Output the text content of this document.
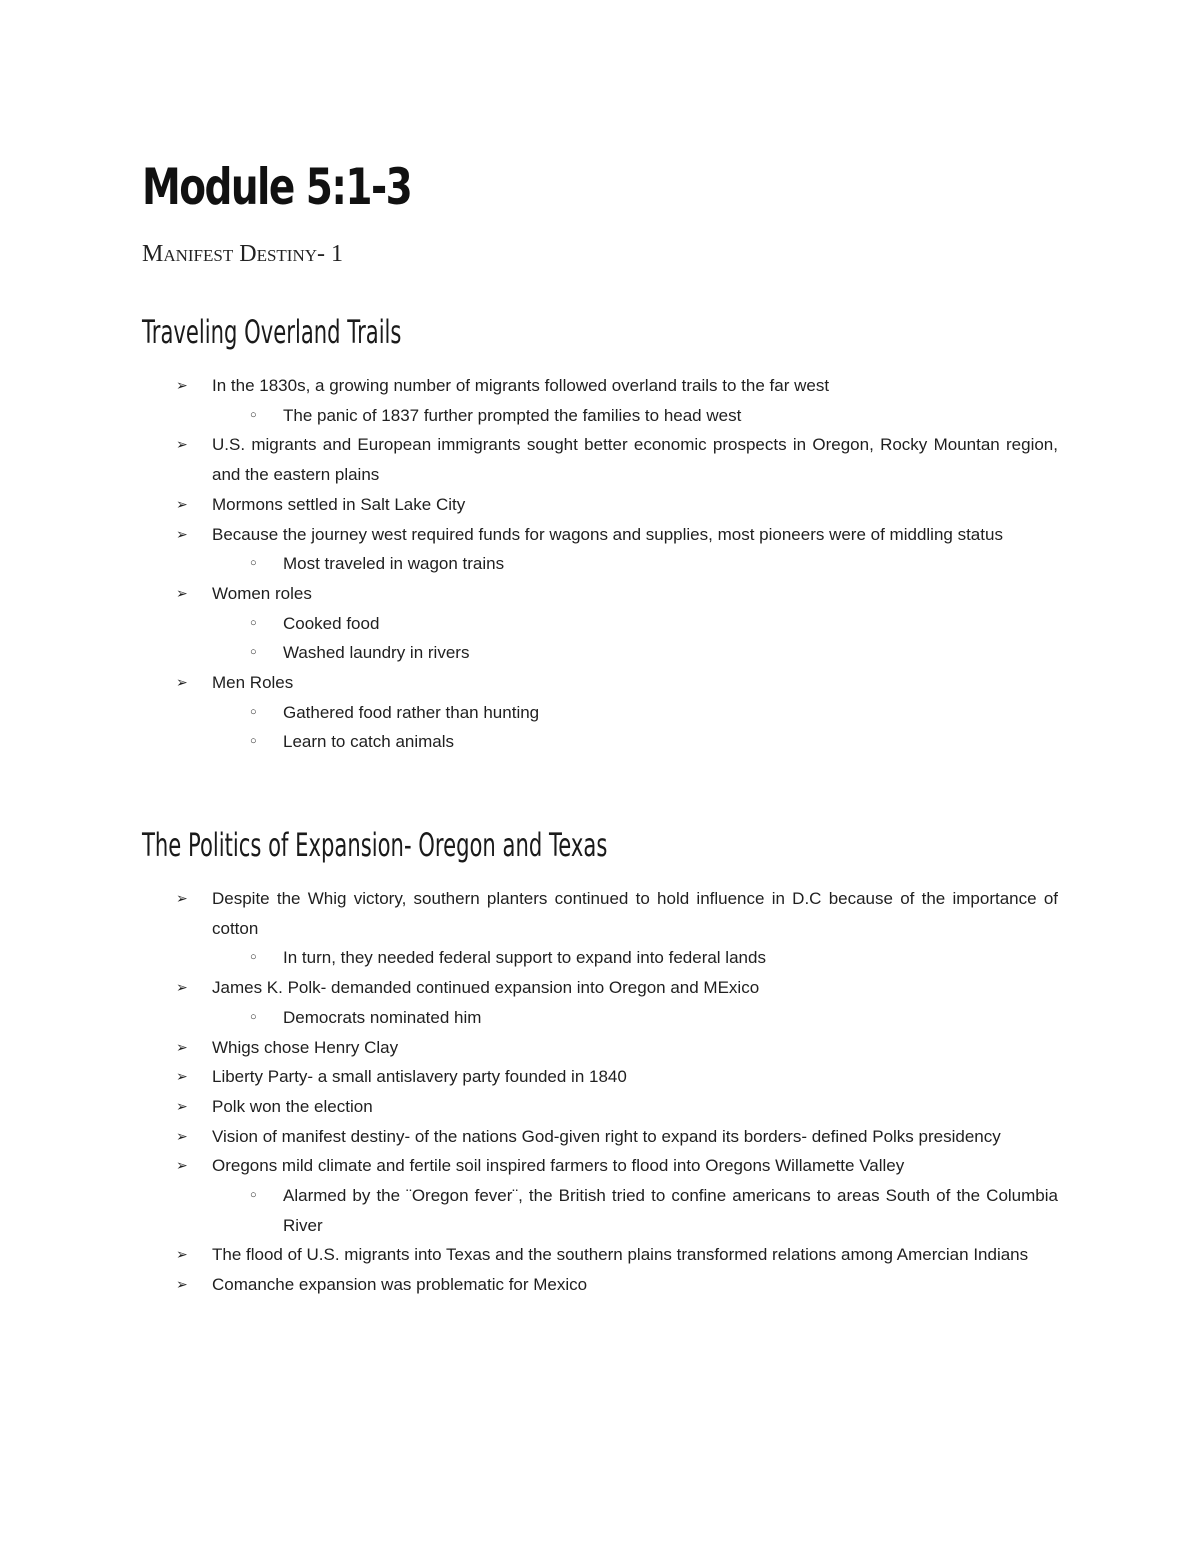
Module 5:1-3
Manifest Destiny- 1
Traveling Overland Trails
➢ In the 1830s, a growing number of migrants followed overland trails to the far west
○ The panic of 1837 further prompted the families to head west
➢ U.S. migrants and European immigrants sought better economic prospects in Oregon, Rocky Mountan region, and the eastern plains
➢ Mormons settled in Salt Lake City
➢ Because the journey west required funds for wagons and supplies, most pioneers were of middling status
○ Most traveled in wagon trains
➢ Women roles
○ Cooked food
○ Washed laundry in rivers
➢ Men Roles
○ Gathered food rather than hunting
○ Learn to catch animals
The Politics of Expansion- Oregon and Texas
➢ Despite the Whig victory, southern planters continued to hold influence in D.C because of the importance of cotton
○ In turn, they needed federal support to expand into federal lands
➢ James K. Polk- demanded continued expansion into Oregon and MExico
○ Democrats nominated him
➢ Whigs chose Henry Clay
➢ Liberty Party- a small antislavery party founded in 1840
➢ Polk won the election
➢ Vision of manifest destiny- of the nations God-given right to expand its borders- defined Polks presidency
➢ Oregons mild climate and fertile soil inspired farmers to flood into Oregons Willamette Valley
○ Alarmed by the ¨Oregon fever¨, the British tried to confine americans to areas South of the Columbia River
➢ The flood of U.S. migrants into Texas and the southern plains transformed relations among Amercian Indians
➢ Comanche expansion was problematic for Mexico
